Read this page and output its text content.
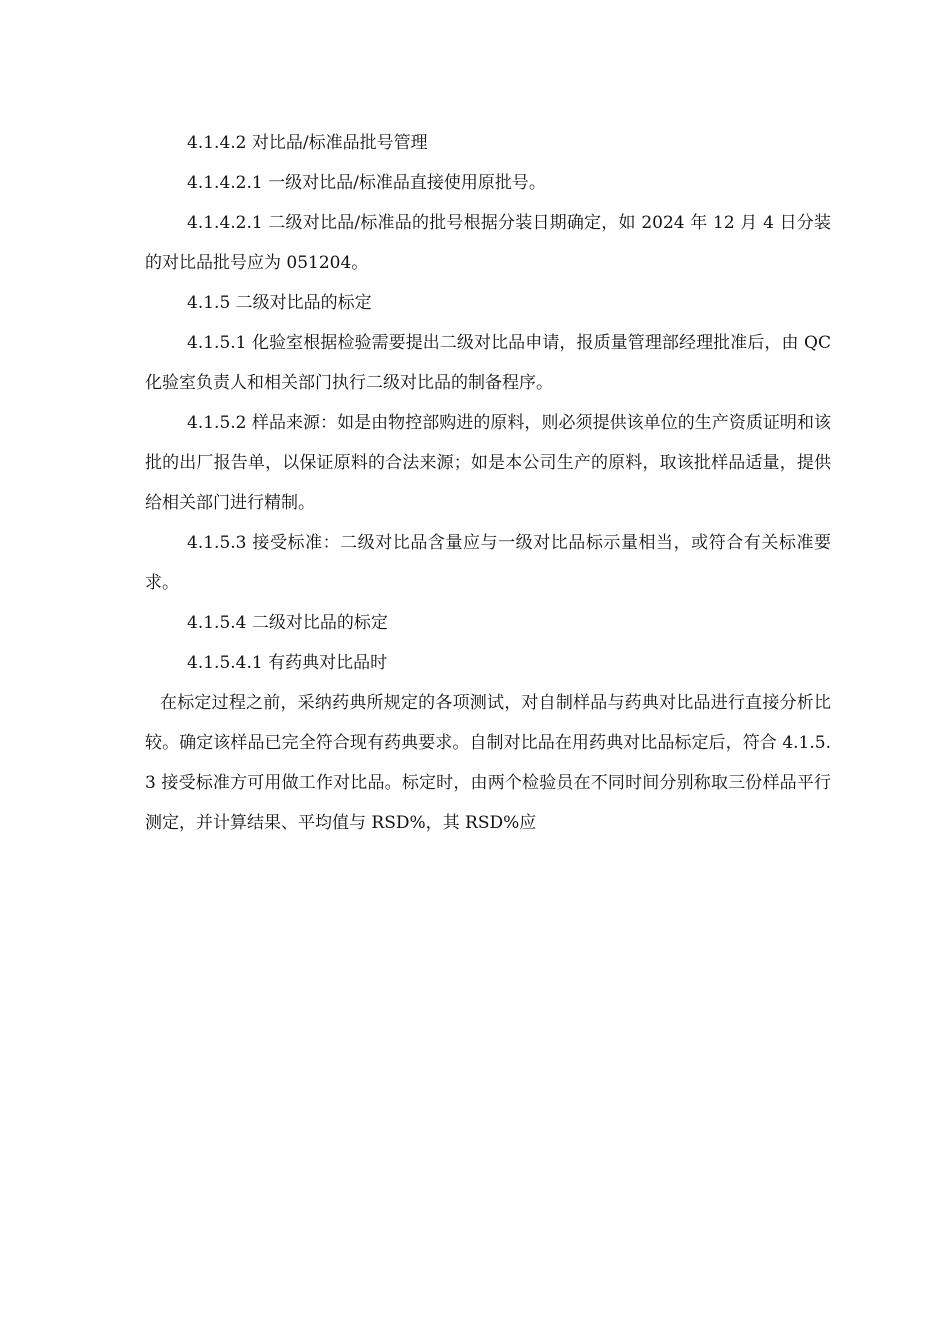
4.1.4.2 对比品/标准品批号管理

4.1.4.2.1 一级对比品/标准品直接使用原批号。

4.1.4.2.1 二级对比品/标准品的批号根据分装日期确定，如 2024 年 12 月 4 日分装的对比品批号应为 051204。

4.1.5 二级对比品的标定

4.1.5.1 化验室根据检验需要提出二级对比品申请，报质量管理部经理批准后，由 QC 化验室负责人和相关部门执行二级对比品的制备程序。

4.1.5.2 样品来源：如是由物控部购进的原料，则必须提供该单位的生产资质证明和该批的出厂报告单，以保证原料的合法来源；如是本公司生产的原料，取该批样品适量，提供给相关部门进行精制。

4.1.5.3 接受标准：二级对比品含量应与一级对比品标示量相当，或符合有关标准要求。

4.1.5.4 二级对比品的标定

4.1.5.4.1 有药典对比品时

在标定过程之前，采纳药典所规定的各项测试，对自制样品与药典对比品进行直接分析比较。确定该样品已完全符合现有药典要求。自制对比品在用药典对比品标定后，符合 4.1.5.3 接受标准方可用做工作对比品。标定时，由两个检验员在不同时间分别称取三份样品平行测定，并计算结果、平均值与 RSD%，其 RSD%应
